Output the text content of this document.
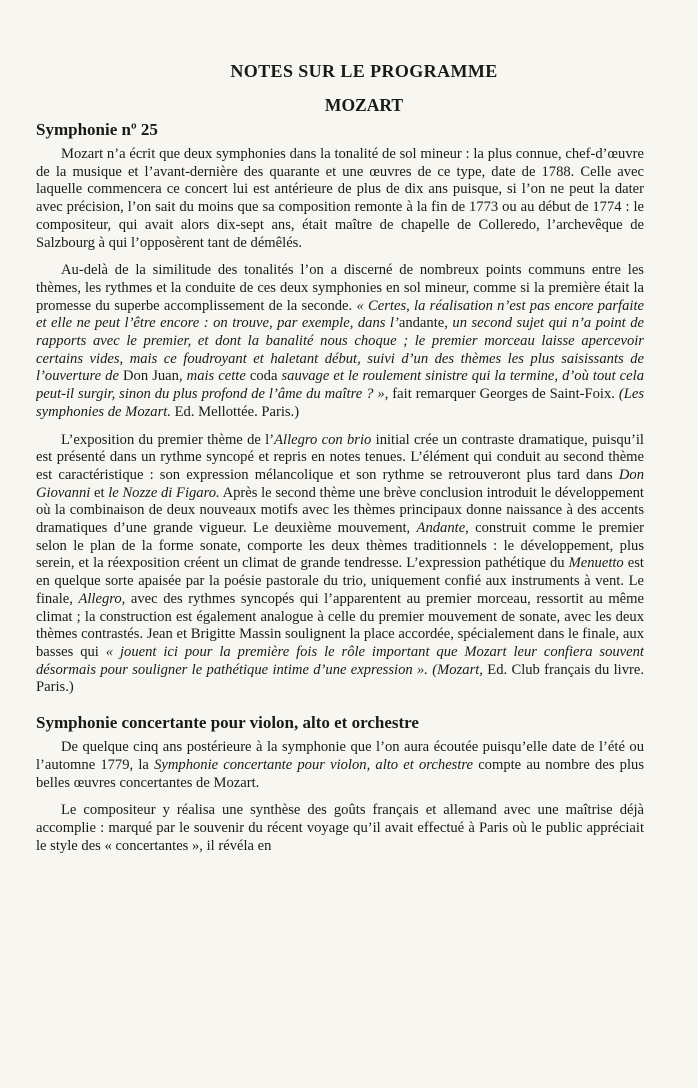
NOTES SUR LE PROGRAMME
MOZART
Symphonie nº 25

Mozart n’a écrit que deux symphonies dans la tonalité de sol mineur : la plus connue, chef-d’œuvre de la musique et l’avant-dernière des quarante et une œuvres de ce type, date de 1788. Celle avec laquelle commencera ce concert lui est antérieure de plus de dix ans puisque, si l’on ne peut la dater avec précision, l’on sait du moins que sa composition remonte à la fin de 1773 ou au début de 1774 : le compositeur, qui avait alors dix-sept ans, était maître de chapelle de Colleredo, l’archevêque de Salzbourg à qui l’opposèrent tant de démêlés.

Au-delà de la similitude des tonalités l’on a discerné de nombreux points communs entre les thèmes, les rythmes et la conduite de ces deux symphonies en sol mineur, comme si la première était la promesse du superbe accomplissement de la seconde. « Certes, la réalisation n’est pas encore parfaite et elle ne peut l’être encore : on trouve, par exemple, dans l’andante, un second sujet qui n’a point de rapports avec le premier, et dont la banalité nous choque ; le premier morceau laisse apercevoir certains vides, mais ce foudroyant et haletant début, suivi d’un des thèmes les plus saisissants de l’ouverture de Don Juan, mais cette coda sauvage et le roulement sinistre qui la termine, d’où tout cela peut-il surgir, sinon du plus profond de l’âme du maître ? », fait remarquer Georges de Saint-Foix. (Les symphonies de Mozart. Ed. Mellottée. Paris.)

L’exposition du premier thème de l’Allegro con brio initial crée un contraste dramatique, puisqu’il est présenté dans un rythme syncopé et repris en notes tenues. L’élément qui conduit au second thème est caractéristique : son expression mélancolique et son rythme se retrouveront plus tard dans Don Giovanni et le Nozze di Figaro. Après le second thème une brève conclusion introduit le développement où la combinaison de deux nouveaux motifs avec les thèmes principaux donne naissance à des accents dramatiques d’une grande vigueur. Le deuxième mouvement, Andante, construit comme le premier selon le plan de la forme sonate, comporte les deux thèmes traditionnels : le développement, plus serein, et la réexposition créent un climat de grande tendresse. L’expression pathétique du Menuetto est en quelque sorte apaisée par la poésie pastorale du trio, uniquement confié aux instruments à vent. Le finale, Allegro, avec des rythmes syncopés qui l’apparentent au premier morceau, ressortit au même climat ; la construction est également analogue à celle du premier mouvement de sonate, avec les deux thèmes contrastés. Jean et Brigitte Massin soulignent la place accordée, spécialement dans le finale, aux basses qui « jouent ici pour la première fois le rôle important que Mozart leur confiera souvent désormais pour souligner le pathétique intime d’une expression ». (Mozart, Ed. Club français du livre. Paris.)

Symphonie concertante pour violon, alto et orchestre

De quelque cinq ans postérieure à la symphonie que l’on aura écoutée puisqu’elle date de l’été ou l’automne 1779, la Symphonie concertante pour violon, alto et orchestre compte au nombre des plus belles œuvres concertantes de Mozart.

Le compositeur y réalisa une synthèse des goûts français et allemand avec une maîtrise déjà accomplie : marqué par le souvenir du récent voyage qu’il avait effectué à Paris où le public appréciait le style des « concertantes », il révéla en
